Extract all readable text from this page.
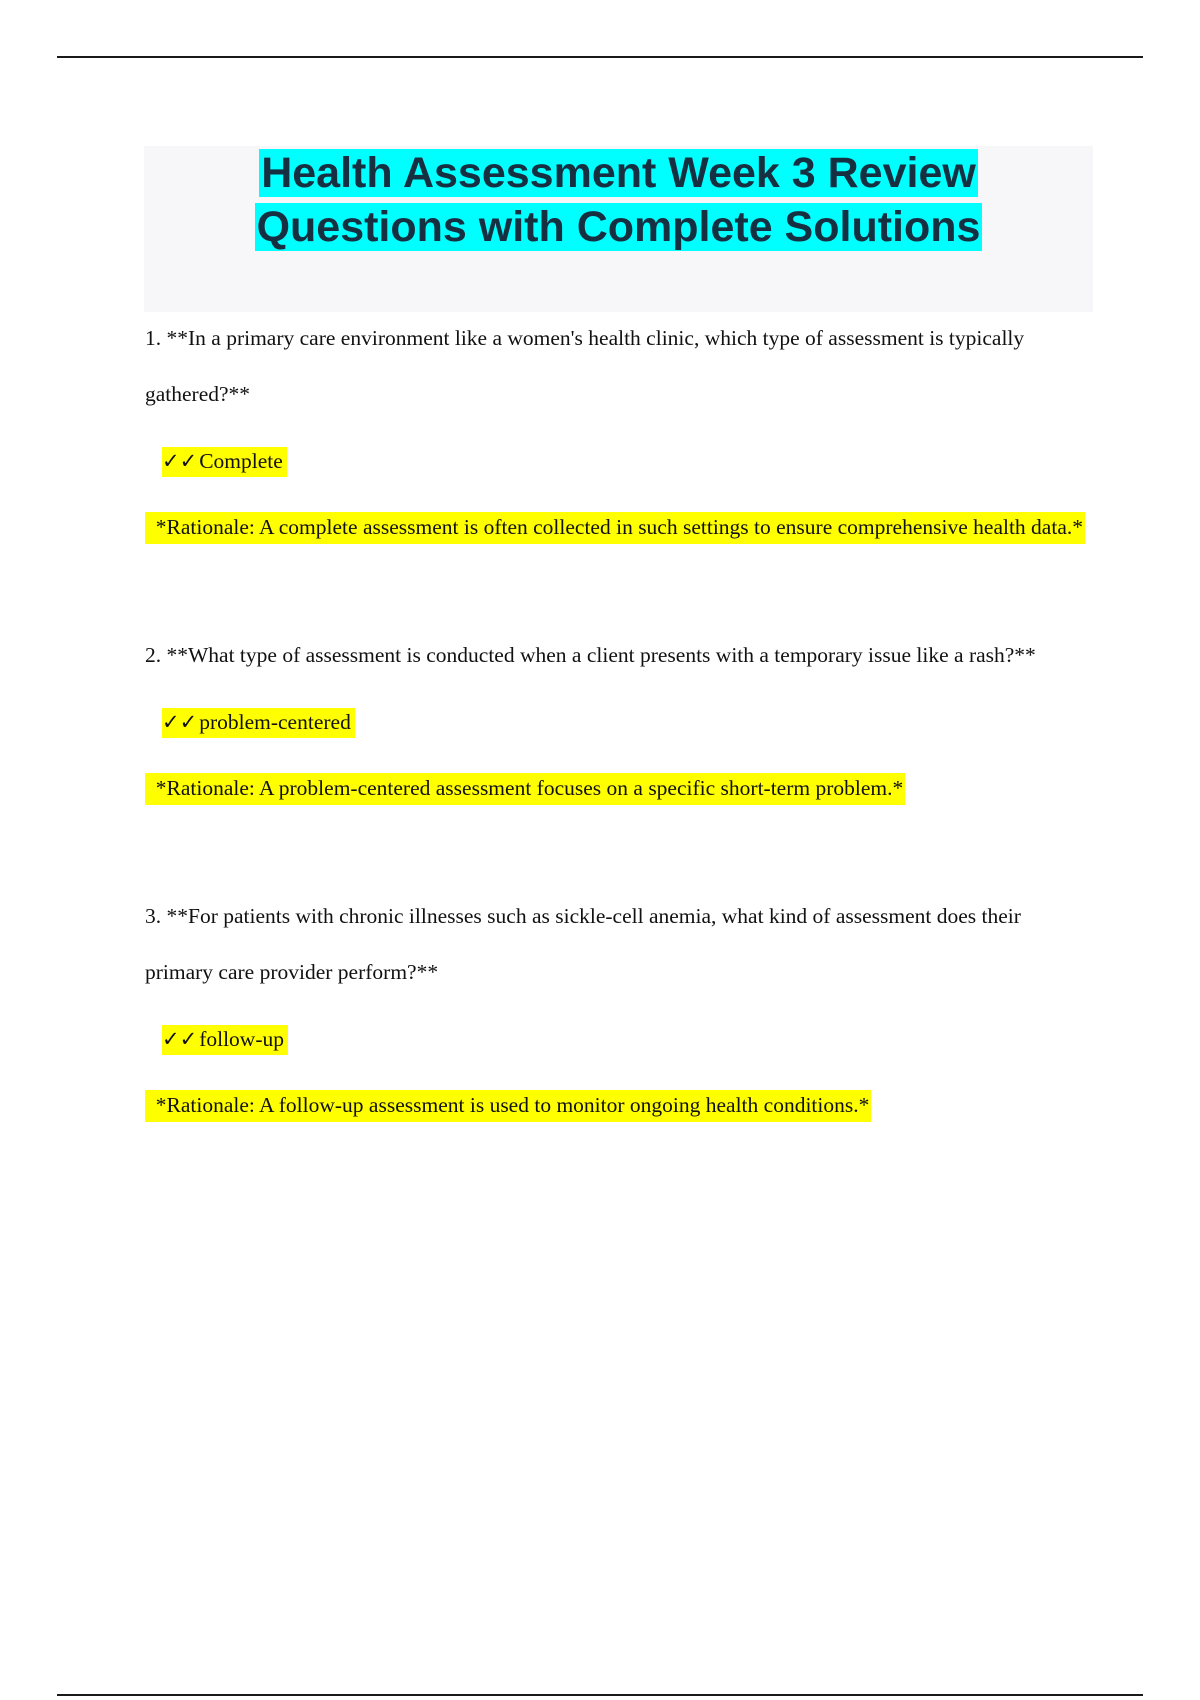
Health Assessment Week 3 Review
Questions with Complete Solutions

1. **In a primary care environment like a women's health clinic, which type of assessment is typically gathered?**

✓✓Complete

*Rationale: A complete assessment is often collected in such settings to ensure comprehensive health data.*

2. **What type of assessment is conducted when a client presents with a temporary issue like a rash?**

✓✓problem-centered

*Rationale: A problem-centered assessment focuses on a specific short-term problem.*

3. **For patients with chronic illnesses such as sickle-cell anemia, what kind of assessment does their primary care provider perform?**

✓✓follow-up

*Rationale: A follow-up assessment is used to monitor ongoing health conditions.*
